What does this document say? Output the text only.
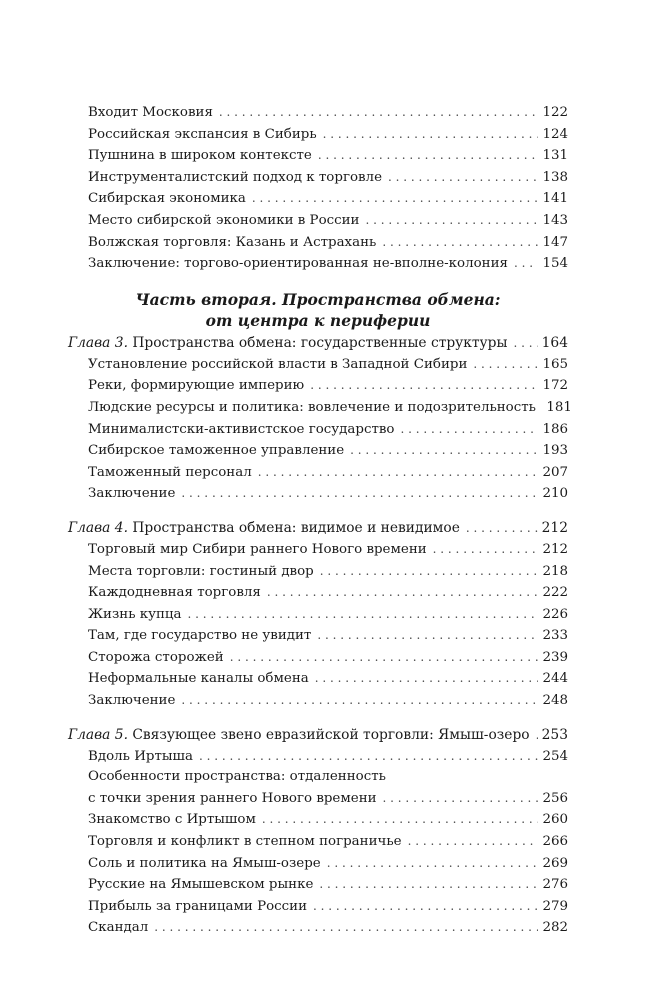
Входит Московия . . .	122
Российская экспансия в Сибирь . . .	124
Пушнина в широком контексте . . .	131
Инструменталистский подход к торговле . . .	138
Сибирская экономика . . .	141
Место сибирской экономики в России . . .	143
Волжская торговля: Казань и Астрахань . . .	147
Заключение: торгово-ориентированная не-вполне-колония . . .	154
Часть вторая. Пространства обмена:
от центра к периферии
Глава 3. Пространства обмена: государственные структуры . . . 164
Установление российской власти в Западной Сибири . . .	165
Реки, формирующие империю . . .	172
Людские ресурсы и политика: вовлечение и подозрительность 181
Минималистски-активистское государство . . .	186
Сибирское таможенное управление . . .	193
Таможенный персонал . . .	207
Заключение . . .	210
Глава 4. Пространства обмена: видимое и невидимое . . .	212
Торговый мир Сибири раннего Нового времени . . .	212
Места торговли: гостиный двор . . .	218
Каждодневная торговля . . .	222
Жизнь купца . . .	226
Там, где государство не увидит . . .	233
Сторожа сторожей . . .	239
Неформальные каналы обмена . . .	244
Заключение . . .	248
Глава 5. Связующее звено евразийской торговли: Ямыш-озеро . . . 253
Вдоль Иртыша . . .	254
Особенности пространства: отдаленность
с точки зрения раннего Нового времени . . .	256
Знакомство с Иртышом . . .	260
Торговля и конфликт в степном пограничье . . .	266
Соль и политика на Ямыш-озере . . .	269
Русские на Ямышевском рынке . . .	276
Прибыль за границами России . . .	279
Скандал . . .	282
